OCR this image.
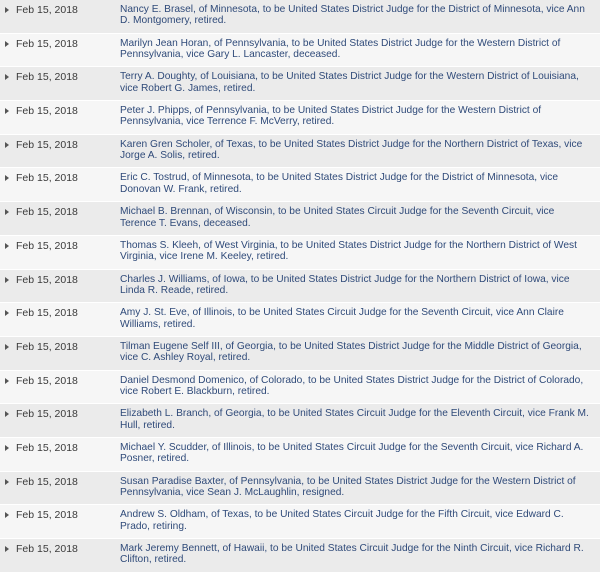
Feb 15, 2018	Nancy E. Brasel, of Minnesota, to be United States District Judge for the District of Minnesota, vice Ann D. Montgomery, retired.
Feb 15, 2018	Marilyn Jean Horan, of Pennsylvania, to be United States District Judge for the Western District of Pennsylvania, vice Gary L. Lancaster, deceased.
Feb 15, 2018	Terry A. Doughty, of Louisiana, to be United States District Judge for the Western District of Louisiana, vice Robert G. James, retired.
Feb 15, 2018	Peter J. Phipps, of Pennsylvania, to be United States District Judge for the Western District of Pennsylvania, vice Terrence F. McVerry, retired.
Feb 15, 2018	Karen Gren Scholer, of Texas, to be United States District Judge for the Northern District of Texas, vice Jorge A. Solis, retired.
Feb 15, 2018	Eric C. Tostrud, of Minnesota, to be United States District Judge for the District of Minnesota, vice Donovan W. Frank, retired.
Feb 15, 2018	Michael B. Brennan, of Wisconsin, to be United States Circuit Judge for the Seventh Circuit, vice Terence T. Evans, deceased.
Feb 15, 2018	Thomas S. Kleeh, of West Virginia, to be United States District Judge for the Northern District of West Virginia, vice Irene M. Keeley, retired.
Feb 15, 2018	Charles J. Williams, of Iowa, to be United States District Judge for the Northern District of Iowa, vice Linda R. Reade, retired.
Feb 15, 2018	Amy J. St. Eve, of Illinois, to be United States Circuit Judge for the Seventh Circuit, vice Ann Claire Williams, retired.
Feb 15, 2018	Tilman Eugene Self III, of Georgia, to be United States District Judge for the Middle District of Georgia, vice C. Ashley Royal, retired.
Feb 15, 2018	Daniel Desmond Domenico, of Colorado, to be United States District Judge for the District of Colorado, vice Robert E. Blackburn, retired.
Feb 15, 2018	Elizabeth L. Branch, of Georgia, to be United States Circuit Judge for the Eleventh Circuit, vice Frank M. Hull, retired.
Feb 15, 2018	Michael Y. Scudder, of Illinois, to be United States Circuit Judge for the Seventh Circuit, vice Richard A. Posner, retired.
Feb 15, 2018	Susan Paradise Baxter, of Pennsylvania, to be United States District Judge for the Western District of Pennsylvania, vice Sean J. McLaughlin, resigned.
Feb 15, 2018	Andrew S. Oldham, of Texas, to be United States Circuit Judge for the Fifth Circuit, vice Edward C. Prado, retiring.
Feb 15, 2018	Mark Jeremy Bennett, of Hawaii, to be United States Circuit Judge for the Ninth Circuit, vice Richard R. Clifton, retired.
